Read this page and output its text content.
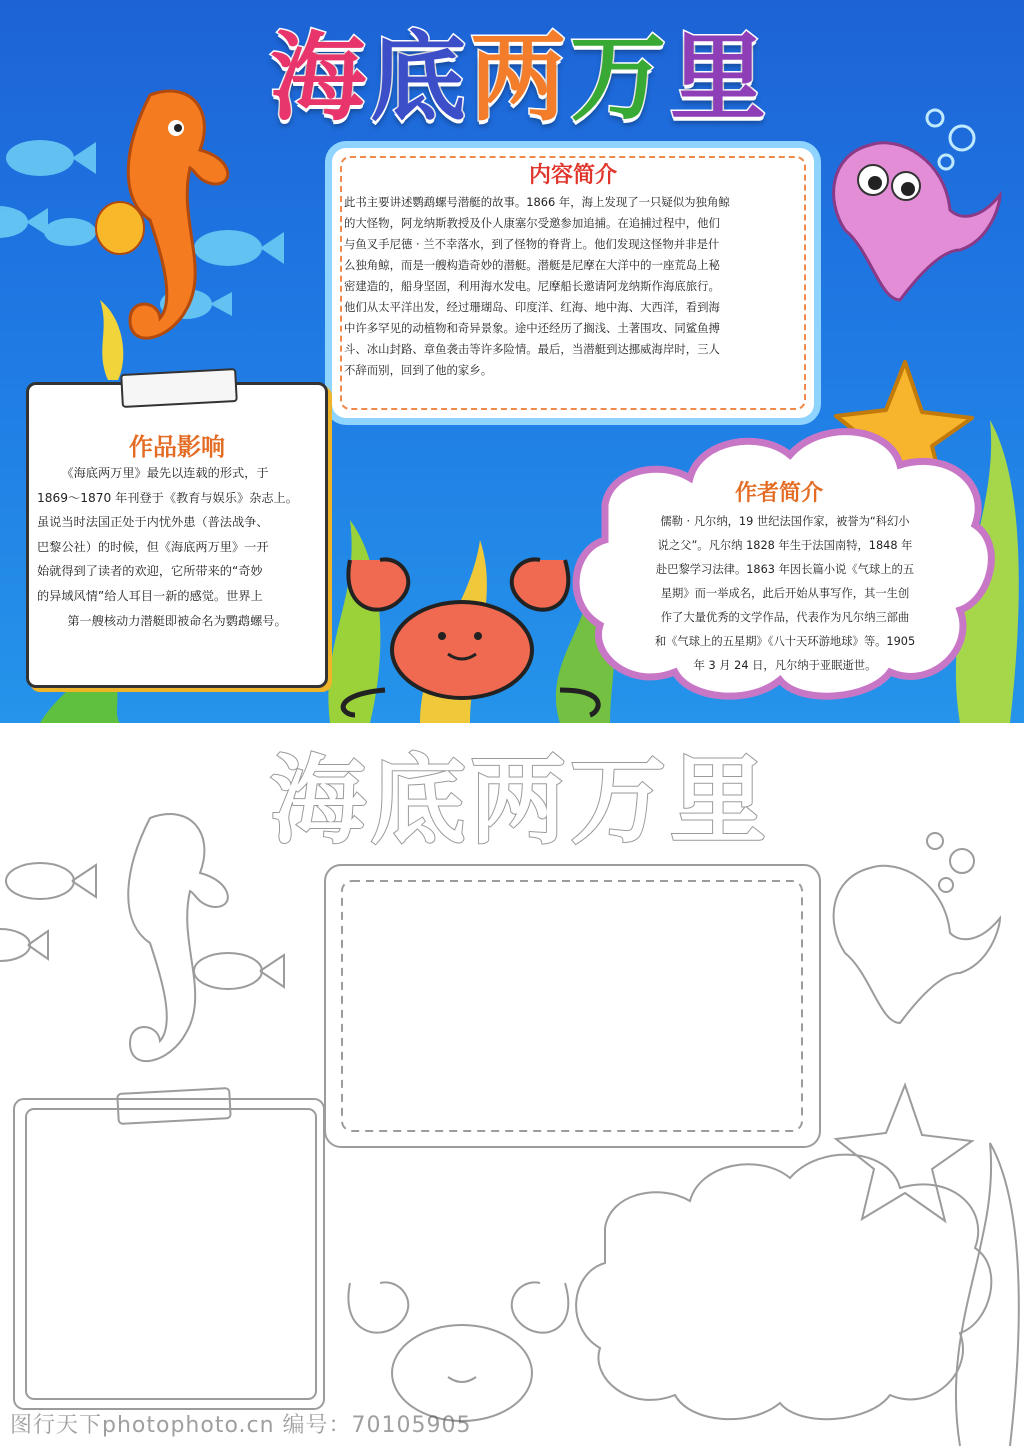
海 底 两 万 里
内容简介
此书主要讲述鹦鹉螺号潜艇的故事。1866 年，海上发现了一只疑似为独角鲸
的大怪物，阿龙纳斯教授及仆人康塞尔受邀参加追捕。在追捕过程中，他们
与鱼叉手尼德 · 兰不幸落水，到了怪物的脊背上。他们发现这怪物并非是什
么独角鲸，而是一艘构造奇妙的潜艇。潜艇是尼摩在大洋中的一座荒岛上秘
密建造的，船身坚固，利用海水发电。尼摩船长邀请阿龙纳斯作海底旅行。
他们从太平洋出发，经过珊瑚岛、印度洋、红海、地中海、大西洋，看到海
中许多罕见的动植物和奇异景象。途中还经历了搁浅、土著围攻、同鲨鱼搏
斗、冰山封路、章鱼袭击等许多险情。最后，当潜艇到达挪威海岸时，三人
不辞而别，回到了他的家乡。
作品影响
《海底两万里》最先以连载的形式，于
1869～1870 年刊登于《教育与娱乐》杂志上。
虽说当时法国正处于内忧外患（普法战争、
巴黎公社）的时候，但《海底两万里》一开
始就得到了读者的欢迎，它所带来的“奇妙
的异域风情”给人耳目一新的感觉。世界上
第一艘核动力潜艇即被命名为鹦鹉螺号。
作者简介
儒勒 · 凡尔纳，19 世纪法国作家，被誉为“科幻小
说之父”。凡尔纳 1828 年生于法国南特，1848 年
赴巴黎学习法律。1863 年因长篇小说《气球上的五
星期》而一举成名，此后开始从事写作，其一生创
作了大量优秀的文学作品，代表作为凡尔纳三部曲
和《气球上的五星期》《八十天环游地球》等。1905
年 3 月 24 日，凡尔纳于亚眠逝世。
海 底 两 万 里
图行天下photophoto.cn 编号：70105905
